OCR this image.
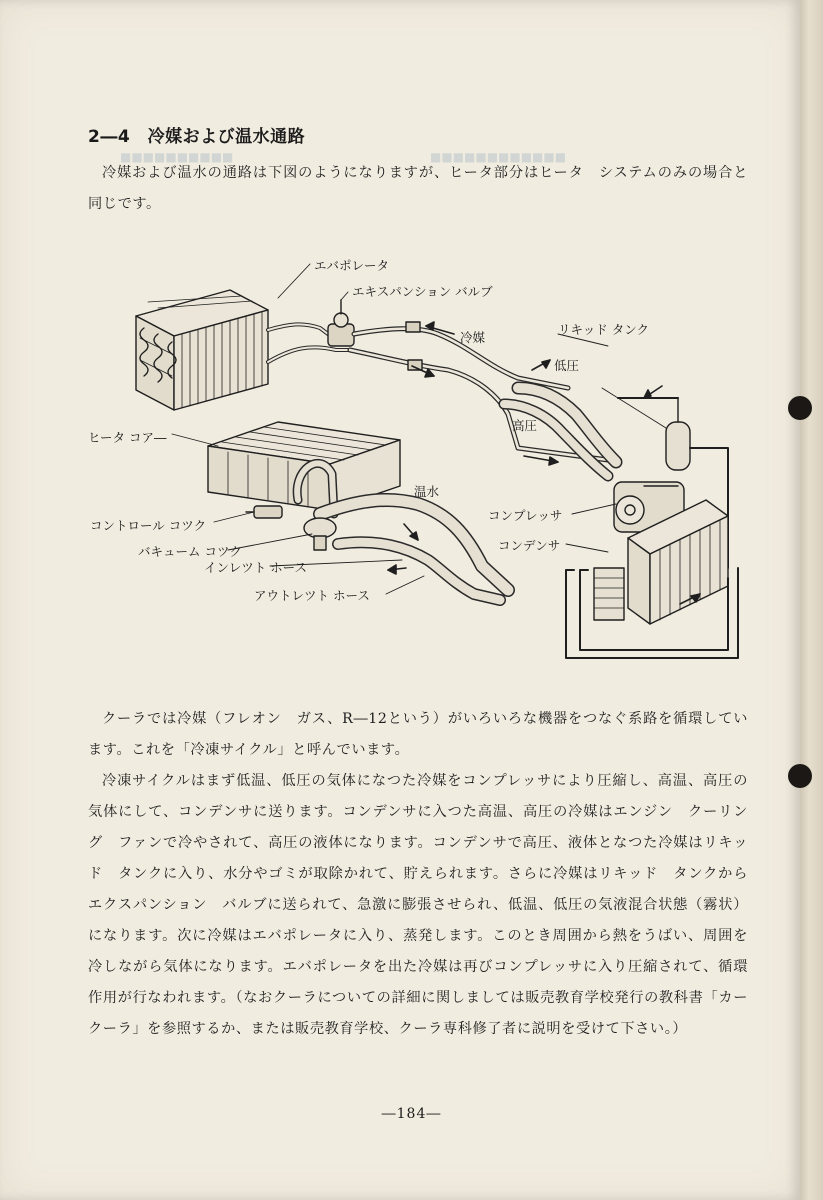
■■■■■■■■■■	■■■■■■■■■■■■
2―4　冷媒および温水通路

冷媒および温水の通路は下図のようになりますが、ヒータ部分はヒータ　システムのみの場合と同じです。

エバポレータ
エキスパンション バルブ
冷媒
リキッド タンク
低圧
高圧
ヒータ コア―
温水
コンプレッサ
コンデンサ
コントロール コツク
バキューム コツク
インレツト ホース
アウトレツト ホース

クーラでは冷媒（フレオン　ガス、R―12という）がいろいろな機器をつなぐ系路を循環しています。これを「冷凍サイクル」と呼んでいます。

冷凍サイクルはまず低温、低圧の気体になつた冷媒をコンプレッサにより圧縮し、高温、高圧の気体にして、コンデンサに送ります。コンデンサに入つた高温、高圧の冷媒はエンジン　クーリング　ファンで冷やされて、高圧の液体になります。コンデンサで高圧、液体となつた冷媒はリキッド　タンクに入り、水分やゴミが取除かれて、貯えられます。さらに冷媒はリキッド　タンクからエクスパンション　バルブに送られて、急激に膨張させられ、低温、低圧の気液混合状態（霧状）になります。次に冷媒はエバポレータに入り、蒸発します。このとき周囲から熱をうばい、周囲を冷しながら気体になります。エバポレータを出た冷媒は再びコンプレッサに入り圧縮されて、循環作用が行なわれます。（なおクーラについての詳細に関しましては販売教育学校発行の教科書「カークーラ」を参照するか、または販売教育学校、クーラ専科修了者に説明を受けて下さい。）

―184―
